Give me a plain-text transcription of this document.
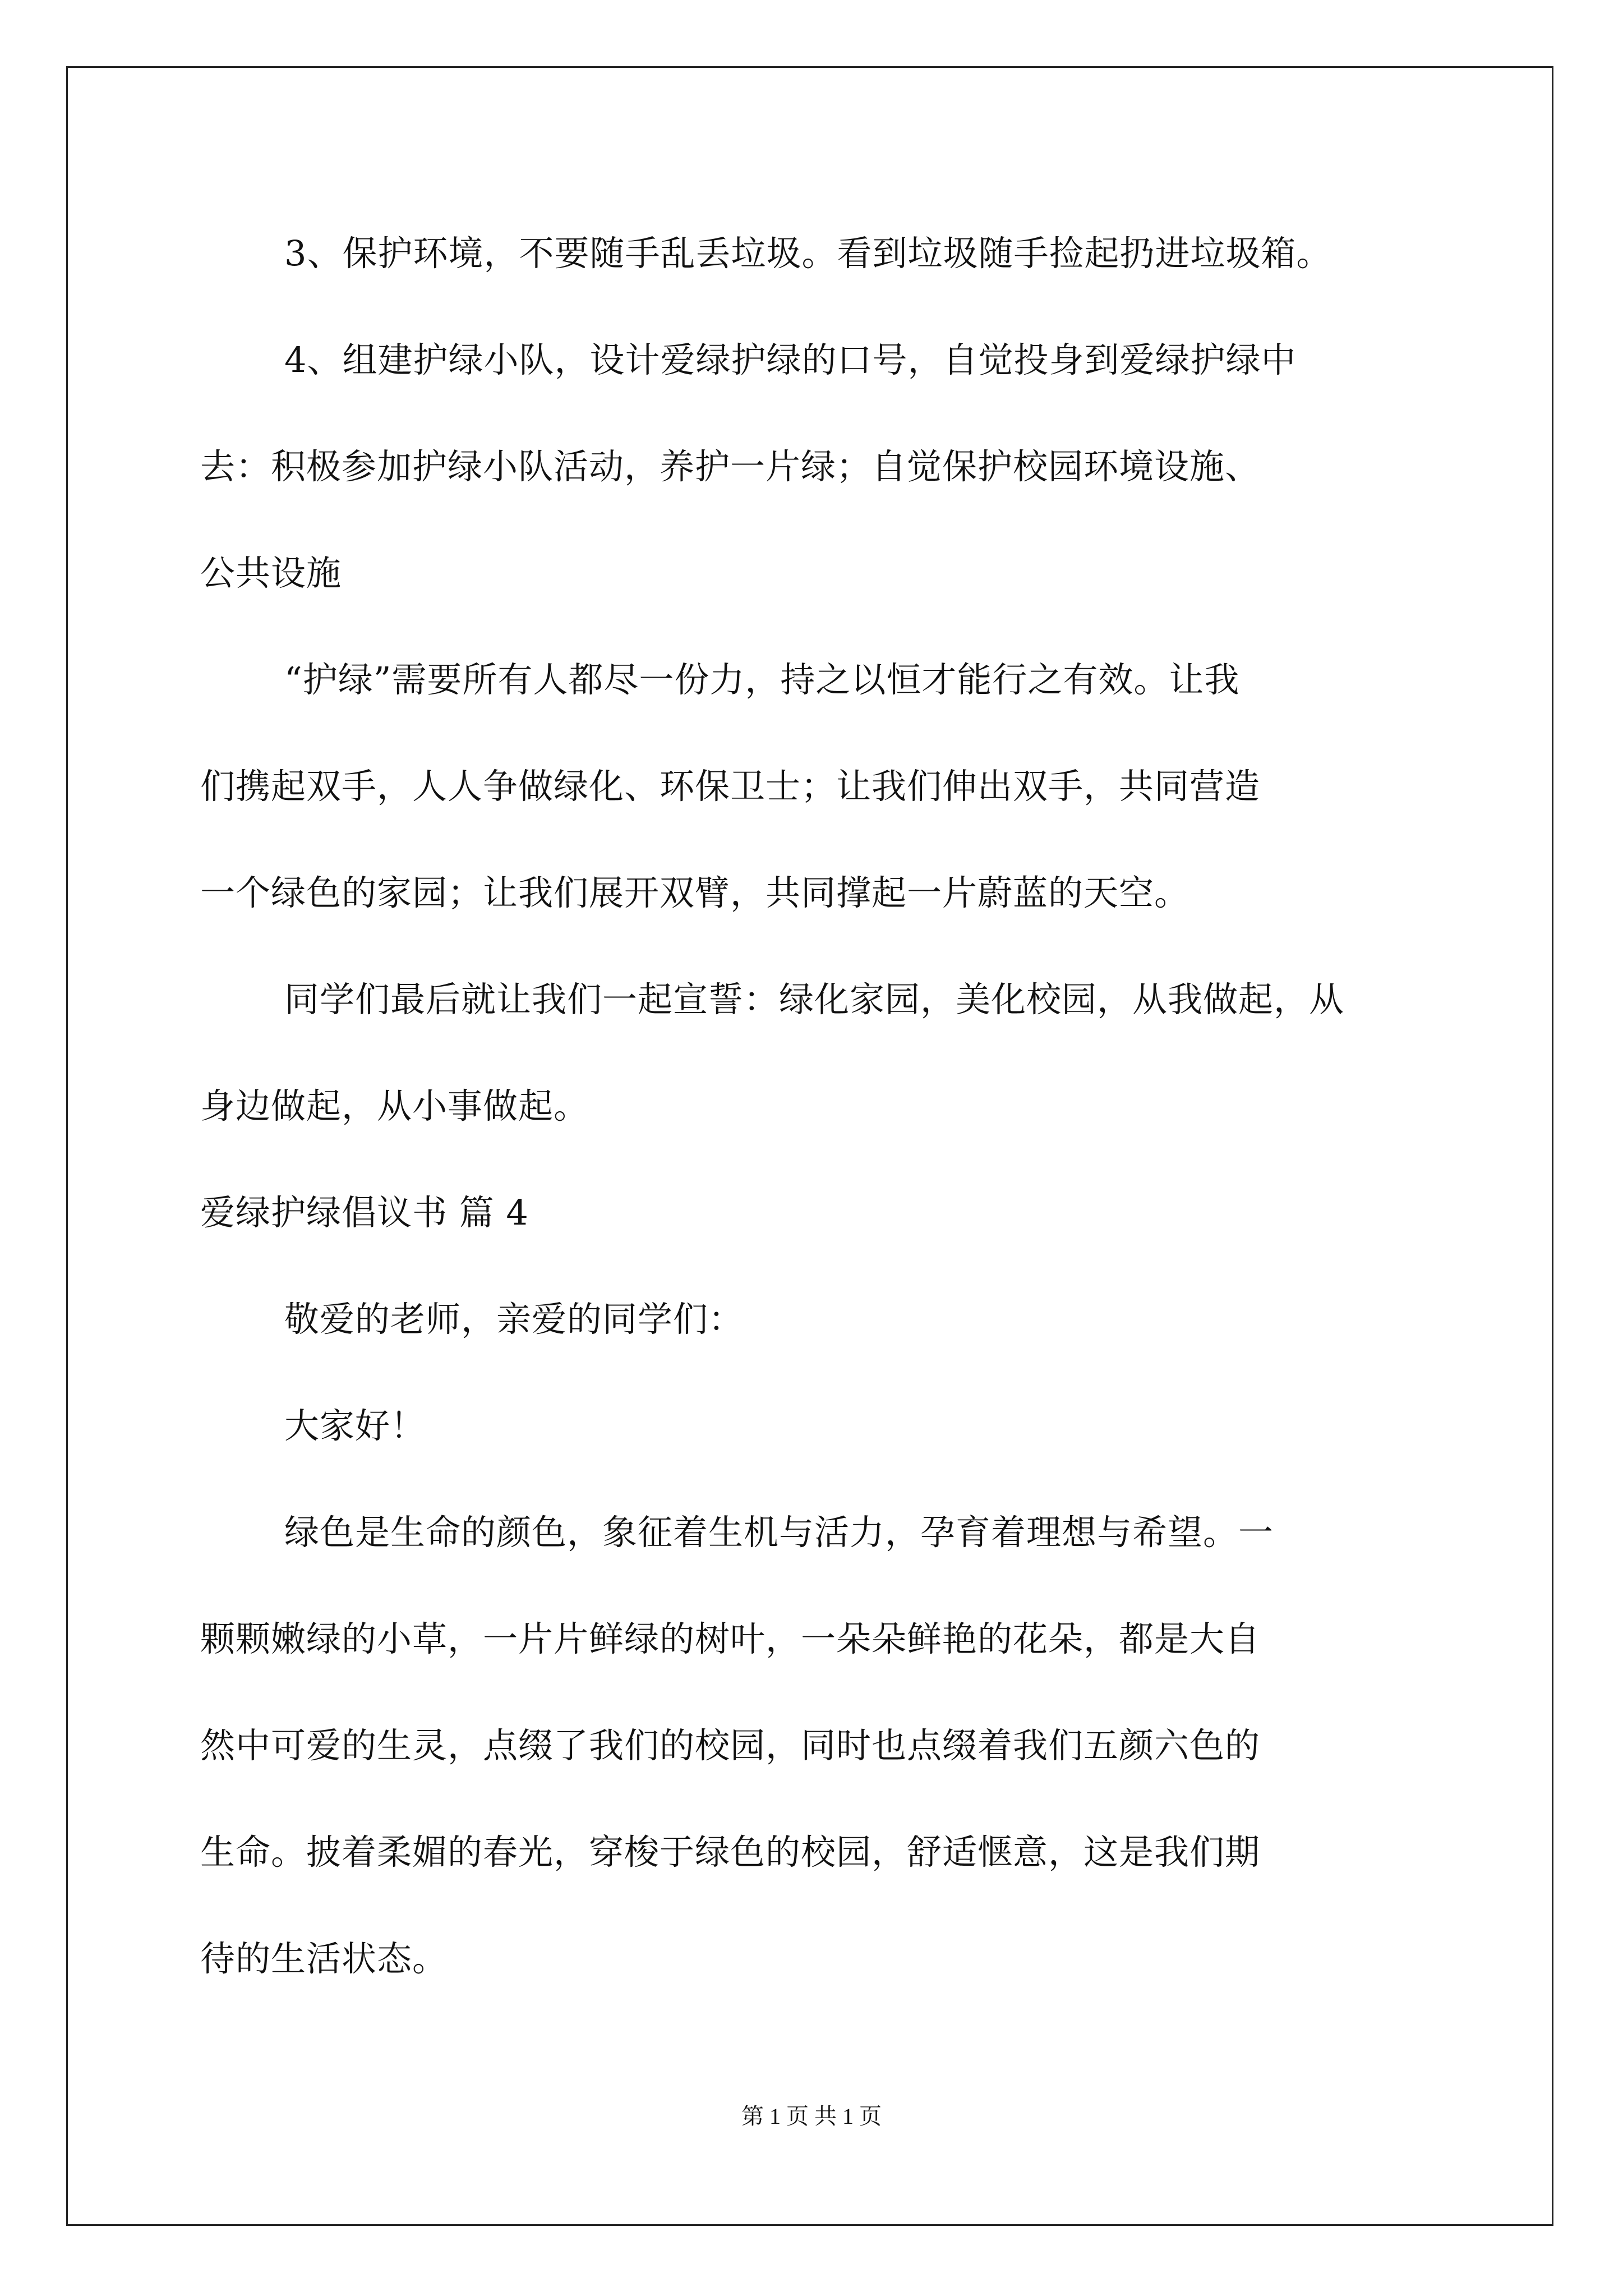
3、保护环境，不要随手乱丢垃圾。看到垃圾随手捡起扔进垃圾箱。
4、组建护绿小队，设计爱绿护绿的口号，自觉投身到爱绿护绿中
去：积极参加护绿小队活动，养护一片绿；自觉保护校园环境设施、
公共设施
“护绿”需要所有人都尽一份力，持之以恒才能行之有效。让我
们携起双手，人人争做绿化、环保卫士；让我们伸出双手，共同营造
一个绿色的家园；让我们展开双臂，共同撑起一片蔚蓝的天空。
同学们最后就让我们一起宣誓：绿化家园，美化校园，从我做起，从
身边做起，从小事做起。
爱绿护绿倡议书 篇 4
敬爱的老师，亲爱的同学们：
大家好！
绿色是生命的颜色，象征着生机与活力，孕育着理想与希望。一
颗颗嫩绿的小草，一片片鲜绿的树叶，一朵朵鲜艳的花朵，都是大自
然中可爱的生灵，点缀了我们的校园，同时也点缀着我们五颜六色的
生命。披着柔媚的春光，穿梭于绿色的校园，舒适惬意，这是我们期
待的生活状态。
第 1 页 共 1 页
